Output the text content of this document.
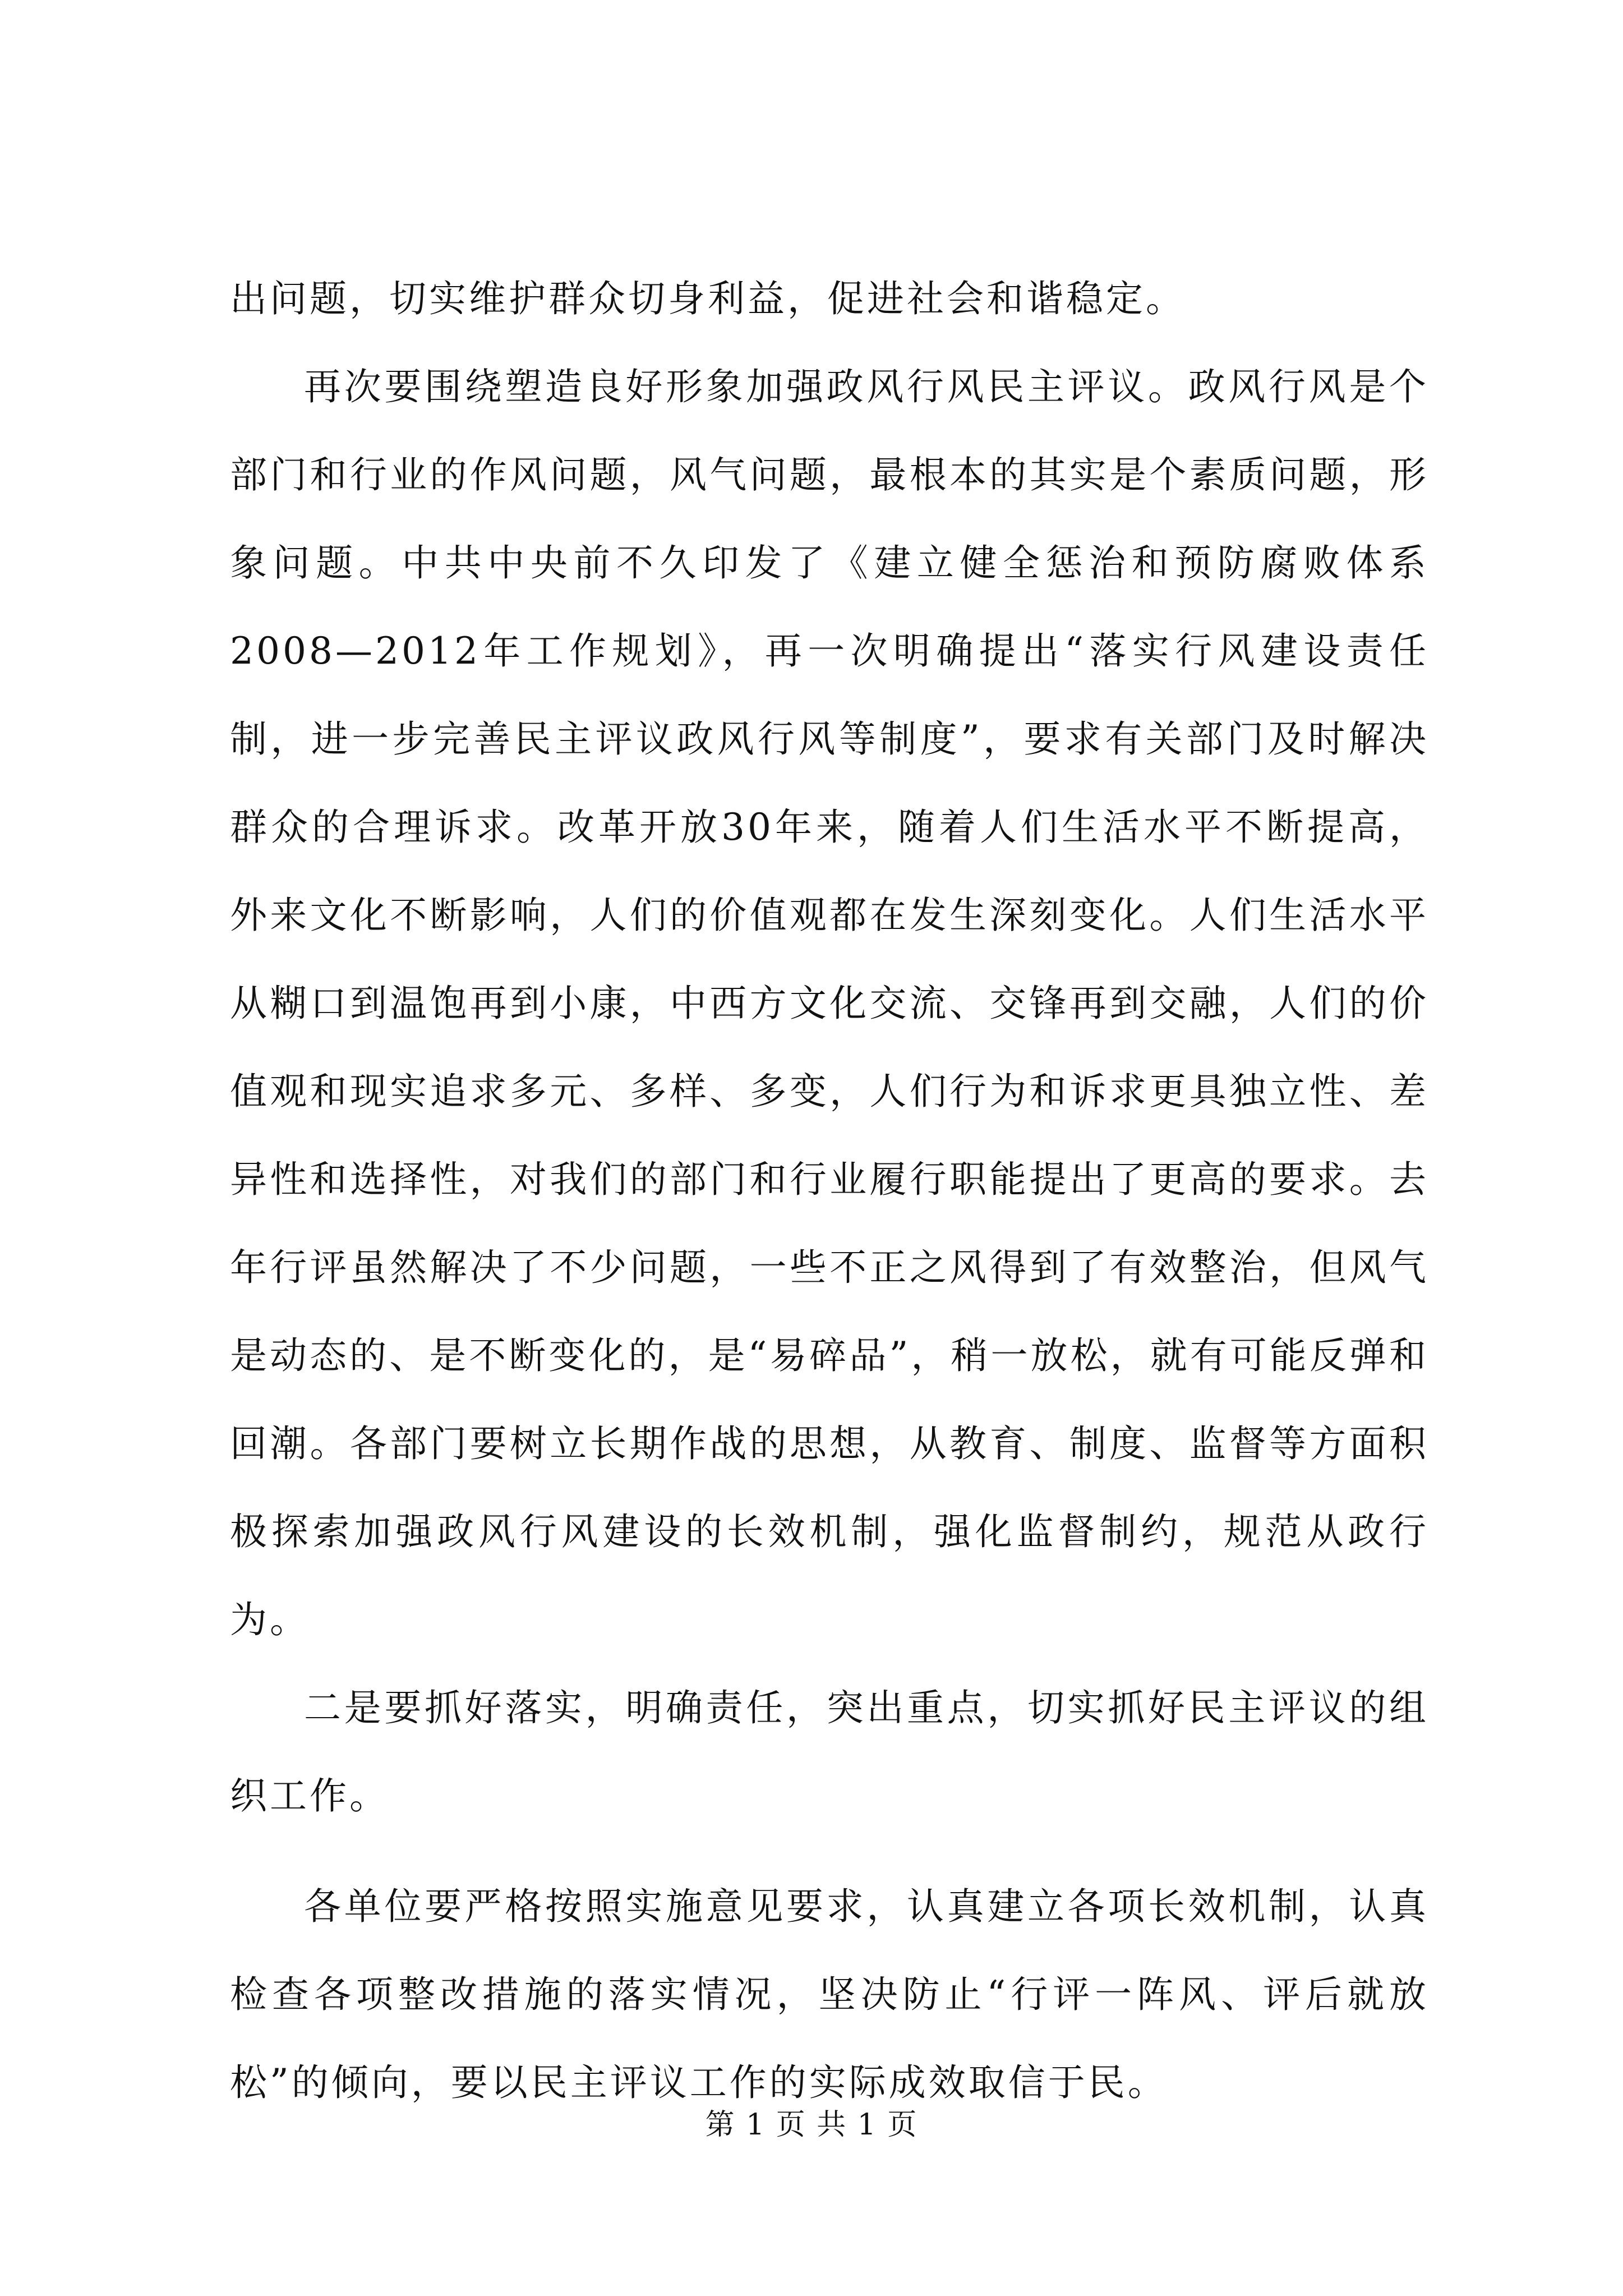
出问题，切实维护群众切身利益，促进社会和谐稳定。

再次要围绕塑造良好形象加强政风行风民主评议。政风行风是个部门和行业的作风问题，风气问题，最根本的其实是个素质问题，形象问题。中共中央前不久印发了《建立健全惩治和预防腐败体系2008—2012年工作规划》，再一次明确提出“落实行风建设责任制，进一步完善民主评议政风行风等制度”，要求有关部门及时解决群众的合理诉求。改革开放30年来，随着人们生活水平不断提高，外来文化不断影响，人们的价值观都在发生深刻变化。人们生活水平从糊口到温饱再到小康，中西方文化交流、交锋再到交融，人们的价值观和现实追求多元、多样、多变，人们行为和诉求更具独立性、差异性和选择性，对我们的部门和行业履行职能提出了更高的要求。去年行评虽然解决了不少问题，一些不正之风得到了有效整治，但风气是动态的、是不断变化的，是“易碎品”，稍一放松，就有可能反弹和回潮。各部门要树立长期作战的思想，从教育、制度、监督等方面积极探索加强政风行风建设的长效机制，强化监督制约，规范从政行为。

二是要抓好落实，明确责任，突出重点，切实抓好民主评议的组织工作。

各单位要严格按照实施意见要求，认真建立各项长效机制，认真检查各项整改措施的落实情况，坚决防止“行评一阵风、评后就放松”的倾向，要以民主评议工作的实际成效取信于民。

第 1 页 共 1 页
